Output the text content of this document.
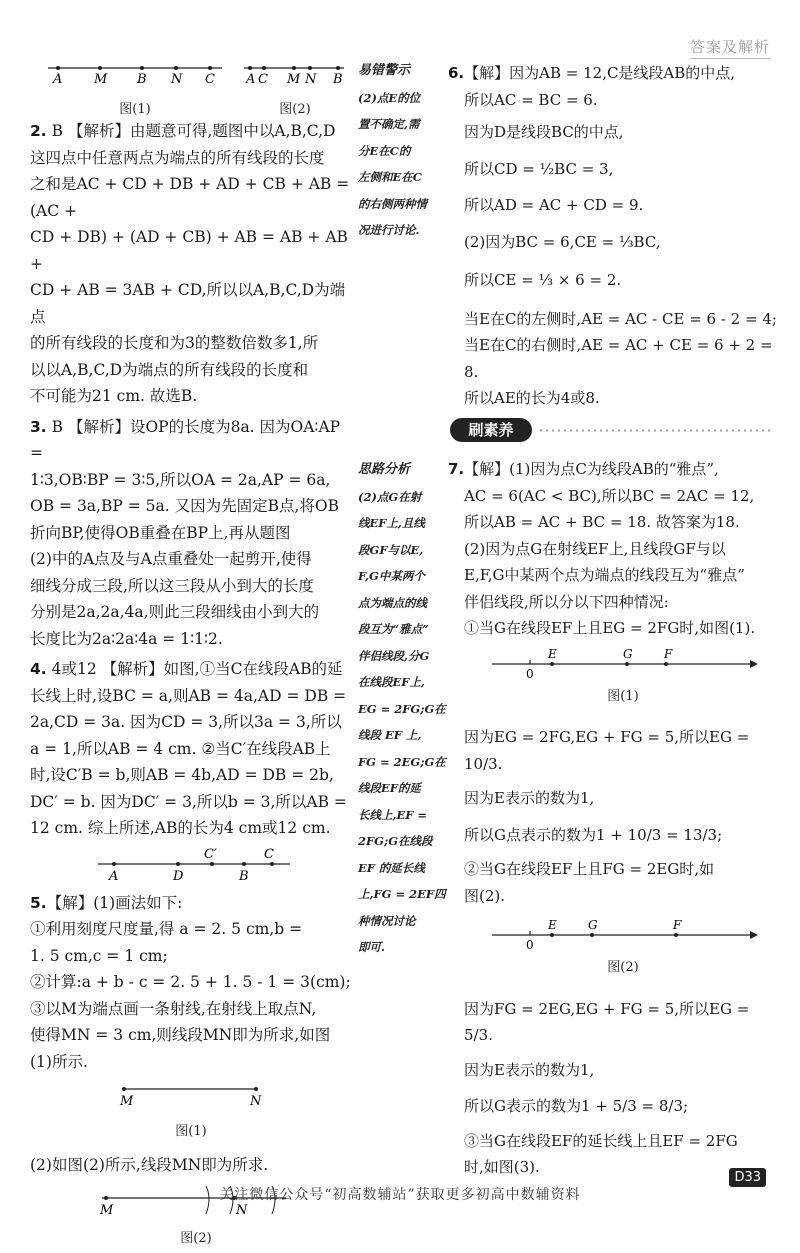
答案及解析
A M B N C
图(1)
A C M N B
图(2)

2. B 【解析】由题意可得,题图中以A,B,C,D

这四点中任意两点为端点的所有线段的长度

之和是AC + CD + DB + AD + CB + AB = (AC +

CD + DB) + (AD + CB) + AB = AB + AB +

CD + AB = 3AB + CD,所以以A,B,C,D为端点

的所有线段的长度和为3的整数倍数多1,所

以以A,B,C,D为端点的所有线段的长度和

不可能为21 cm. 故选B.

3. B 【解析】设OP的长度为8a. 因为OA∶AP =

1∶3,OB∶BP = 3∶5,所以OA = 2a,AP = 6a,

OB = 3a,BP = 5a. 又因为先固定B点,将OB

折向BP,使得OB重叠在BP上,再从题图

(2)中的A点及与A点重叠处一起剪开,使得

细线分成三段,所以这三段从小到大的长度

分别是2a,2a,4a,则此三段细线由小到大的

长度比为2a∶2a∶4a = 1∶1∶2.

4. 4或12 【解析】如图,①当C在线段AB的延

长线上时,设BC = a,则AB = 4a,AD = DB =

2a,CD = 3a. 因为CD = 3,所以3a = 3,所以

a = 1,所以AB = 4 cm. ②当C′在线段AB上

时,设C′B = b,则AB = 4b,AD = DB = 2b,

DC′ = b. 因为DC′ = 3,所以b = 3,所以AB =

12 cm. 综上所述,AB的长为4 cm或12 cm.

C′	C
A	D	B

5.【解】(1)画法如下:

①利用刻度尺度量,得 a = 2. 5 cm,b =

1. 5 cm,c = 1 cm;

②计算:a + b - c = 2. 5 + 1. 5 - 1 = 3(cm);

③以M为端点画一条射线,在射线上取点N,

使得MN = 3 cm,则线段MN即为所求,如图

(1)所示.

M	N
图(1)

(2)如图(2)所示,线段MN即为所求.

M	N
图(2)
易错警示
(2)点E的位
置不确定,需
分E在C的
左侧和E在C
的右侧两种情
况进行讨论.
思路分析
(2)点G在射
线EF上,且线
段GF与以E,
F,G中某两个
点为端点的线
段互为“雅点”
伴侣线段,分G
在线段EF上,
EG = 2FG;G在
线段 EF 上,
FG = 2EG;G在
线段EF的延
长线上,EF =
2FG;G在线段
EF 的延长线
上,FG = 2EF四
种情况讨论
即可.

6.【解】因为AB = 12,C是线段AB的中点,

所以AC = BC = 6.

因为D是线段BC的中点,

所以CD = ½BC = 3,

所以AD = AC + CD = 9.

(2)因为BC = 6,CE = ⅓BC,

所以CE = ⅓ × 6 = 2.

当E在C的左侧时,AE = AC - CE = 6 - 2 = 4;

当E在C的右侧时,AE = AC + CE = 6 + 2 = 8.

所以AE的长为4或8.

刷素养

7.【解】(1)因为点C为线段AB的“雅点”,

AC = 6(AC < BC),所以BC = 2AC = 12,

所以AB = AC + BC = 18. 故答案为18.

(2)因为点G在射线EF上,且线段GF与以

E,F,G中某两个点为端点的线段互为“雅点”

伴侣线段,所以分以下四种情况:

①当G在线段EF上且EG = 2FG时,如图(1).

E	G	F
0
图(1)

因为EG = 2FG,EG + FG = 5,所以EG = 10/3.

因为E表示的数为1,

所以G点表示的数为1 + 10/3 = 13/3;

②当G在线段EF上且FG = 2EG时,如

图(2).

E	G	F
0
图(2)

因为FG = 2EG,EG + FG = 5,所以EG = 5/3.

因为E表示的数为1,

所以G表示的数为1 + 5/3 = 8/3;

③当G在线段EF的延长线上且EF = 2FG

时,如图(3).

D33
关注微信公众号“初高数辅站”获取更多初高中数辅资料
